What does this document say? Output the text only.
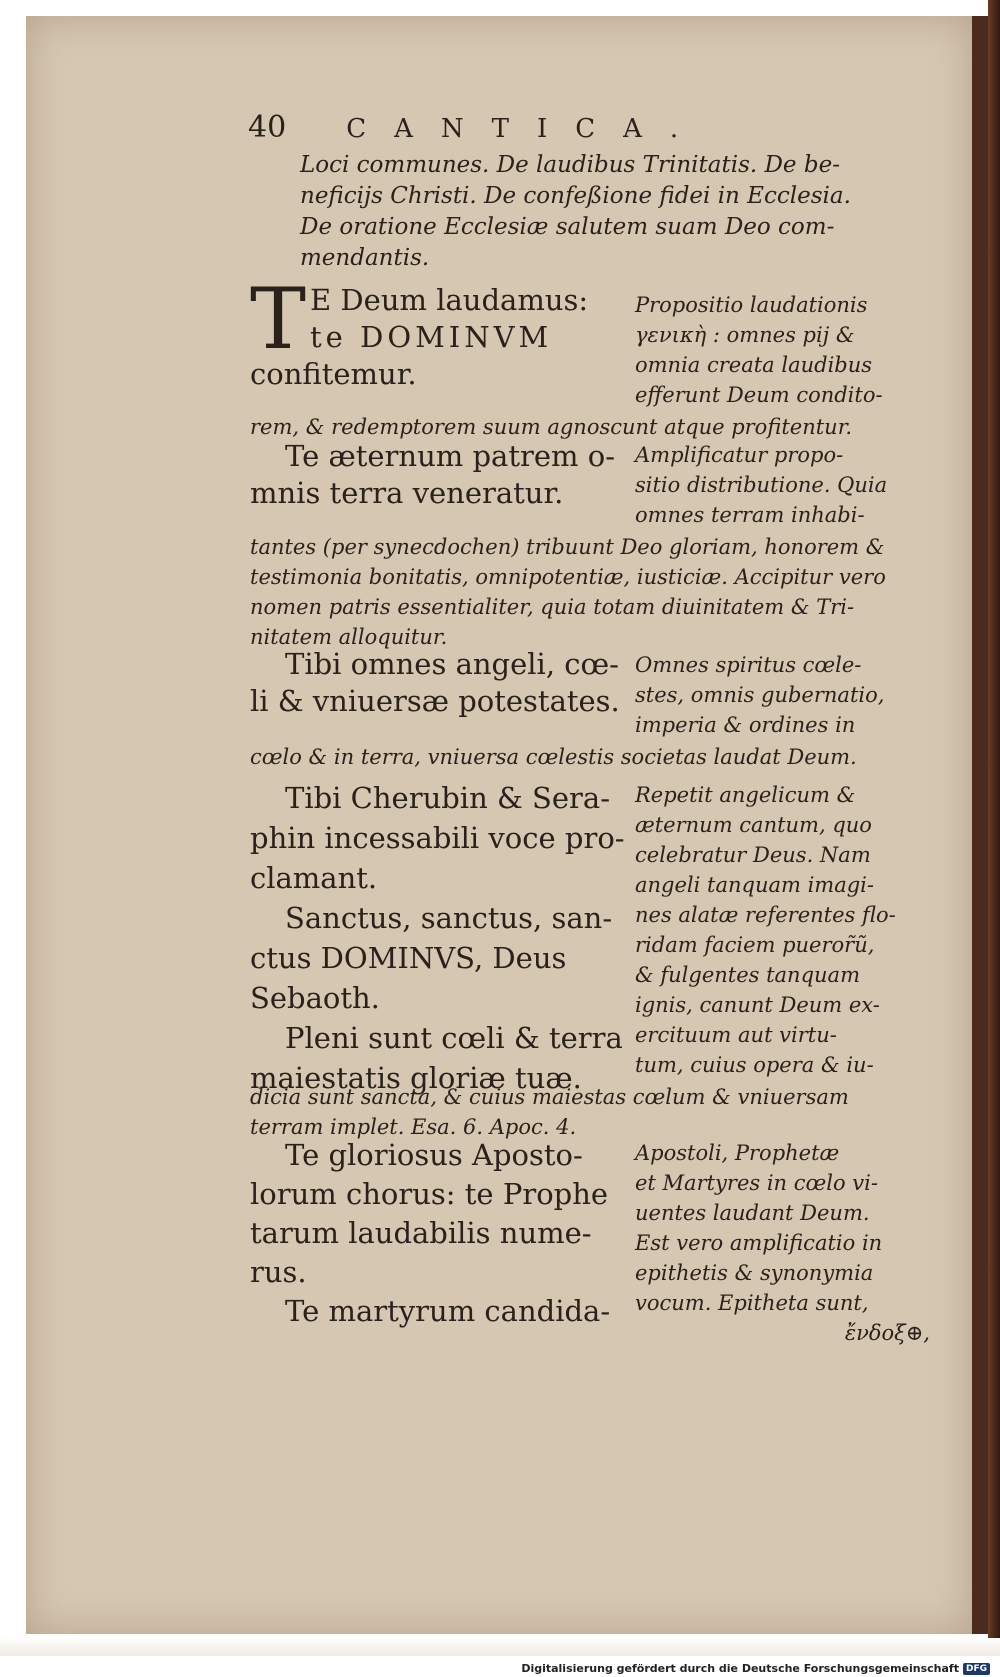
40 CANTICA.
Loci communes. De laudibus Trinitatis. De be-
neficijs Christi. De confeßione fidei in Ecclesia.
De oratione Ecclesiæ salutem suam Deo com-
mendantis.
T E Deum laudamus:
te DOMINVM
confitemur.
Propositio laudationis
γενικὴ : omnes pij &
omnia creata laudibus
efferunt Deum condito-
rem, & redemptorem suum agnoscunt atque profitentur.
Te æternum patrem o-
mnis terra veneratur.
Amplificatur propo-
sitio distributione. Quia
omnes terram inhabi-
tantes (per synecdochen) tribuunt Deo gloriam, honorem &
testimonia bonitatis, omnipotentiæ, iusticiæ. Accipitur vero
nomen patris essentialiter, quia totam diuinitatem & Tri-
nitatem alloquitur.
Tibi omnes angeli, cœ-
li & vniuersæ potestates.
Omnes spiritus cœle-
stes, omnis gubernatio,
imperia & ordines in
cœlo & in terra, vniuersa cœlestis societas laudat Deum.
Tibi Cherubin & Sera-
phin incessabili voce pro-
clamant.
Sanctus, sanctus, san-
ctus DOMINVS, Deus
Sebaoth.
Pleni sunt cœli & terra
maiestatis gloriæ tuæ.
Repetit angelicum &
æternum cantum, quo
celebratur Deus. Nam
angeli tanquam imagi-
nes alatæ referentes flo-
ridam faciem pueror̃ũ,
& fulgentes tanquam
ignis, canunt Deum ex-
ercituum aut virtu-
tum, cuius opera & iu-
dicia sunt sancta, & cuius maiestas cœlum & vniuersam
terram implet. Esa. 6. Apoc. 4.
Te gloriosus Aposto-
lorum chorus: te Prophe
tarum laudabilis nume-
rus.
Te martyrum candida-
Apostoli, Prophetæ
et Martyres in cœlo vi-
uentes laudant Deum.
Est vero amplificatio in
epithetis & synonymia
vocum. Epitheta sunt,
ἔνδοξ⊕,
Digitalisierung gefördert durch die Deutsche Forschungsgemeinschaft DFG
